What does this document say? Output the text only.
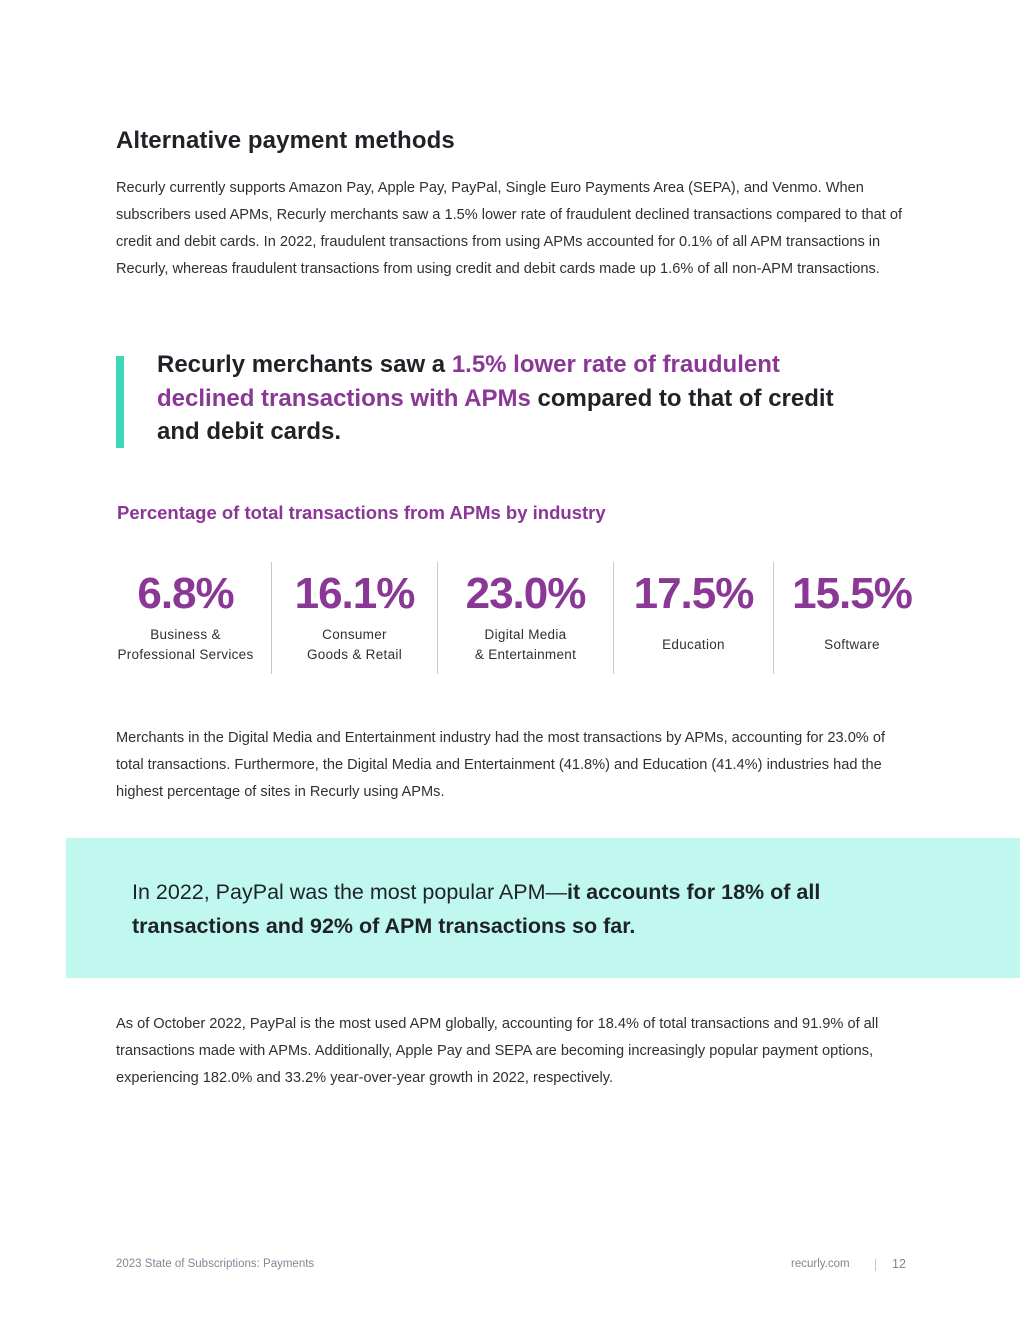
Alternative payment methods

Recurly currently supports Amazon Pay, Apple Pay, PayPal, Single Euro Payments Area (SEPA), and Venmo. When subscribers used APMs, Recurly merchants saw a 1.5% lower rate of fraudulent declined transactions compared to that of credit and debit cards. In 2022, fraudulent transactions from using APMs accounted for 0.1% of all APM transactions in Recurly, whereas fraudulent transactions from using credit and debit cards made up 1.6% of all non-APM transactions.

Recurly merchants saw a 1.5% lower rate of fraudulent declined transactions with APMs compared to that of credit and debit cards.

Percentage of total transactions from APMs by industry
6.8%
Business &
Professional Services
16.1%
Consumer
Goods & Retail
23.0%
Digital Media
& Entertainment
17.5%
Education
15.5%
Software

Merchants in the Digital Media and Entertainment industry had the most transactions by APMs, accounting for 23.0% of total transactions. Furthermore, the Digital Media and Entertainment (41.8%) and Education (41.4%) industries had the highest percentage of sites in Recurly using APMs.

In 2022, PayPal was the most popular APM—it accounts for 18% of all transactions and 92% of APM transactions so far.

As of October 2022, PayPal is the most used APM globally, accounting for 18.4% of total transactions and 91.9% of all transactions made with APMs. Additionally, Apple Pay and SEPA are becoming increasingly popular payment options, experiencing 182.0% and 33.2% year-over-year growth in 2022, respectively.

2023 State of Subscriptions: Payments	recurly.com	12
